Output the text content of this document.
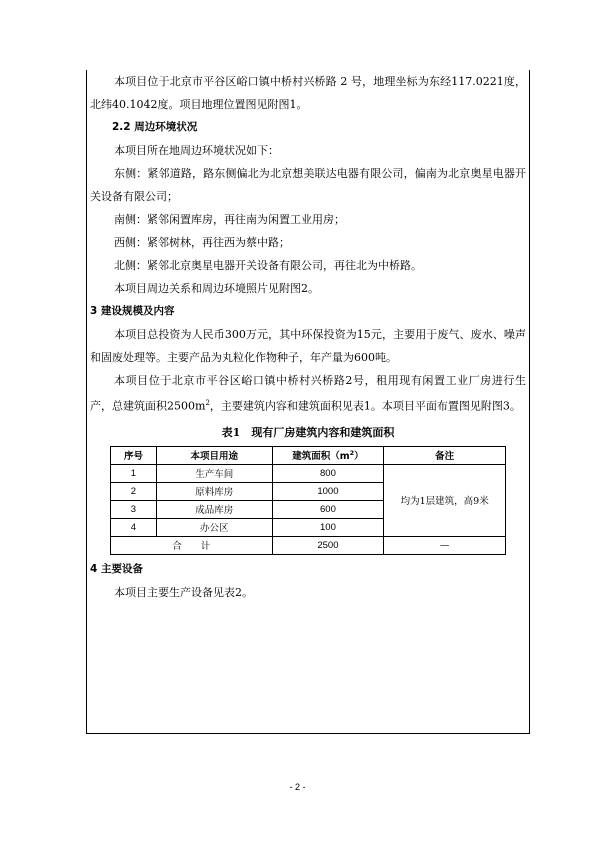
本项目位于北京市平谷区峪口镇中桥村兴桥路 2 号，地理坐标为东经117.0221度，北纬40.1042度。项目地理位置图见附图1。
2.2 周边环境状况
本项目所在地周边环境状况如下：
东侧：紧邻道路，路东侧偏北为北京想美联达电器有限公司，偏南为北京奥星电器开关设备有限公司；
南侧：紧邻闲置库房，再往南为闲置工业用房；
西侧：紧邻树林，再往西为蔡中路；
北侧：紧邻北京奥星电器开关设备有限公司，再往北为中桥路。
本项目周边关系和周边环境照片见附图2。
3 建设规模及内容
本项目总投资为人民币300万元，其中环保投资为15元，主要用于废气、废水、噪声和固废处理等。主要产品为丸粒化作物种子，年产量为600吨。
本项目位于北京市平谷区峪口镇中桥村兴桥路2号，租用现有闲置工业厂房进行生产，总建筑面积$2500m^2$，主要建筑内容和建筑面积见表1。本项目平面布置图见附图3。
表1　现有厂房建筑内容和建筑面积
序号	本项目用途	建筑面积$(m^2)$	备注
1	生产车间	800	均为1层建筑，高9米
2	原料库房	1000	
3	成品库房	600	
4	办公区	100	
合　　计		2500	—
4 主要设备
本项目主要生产设备见表2。
- 2 -
